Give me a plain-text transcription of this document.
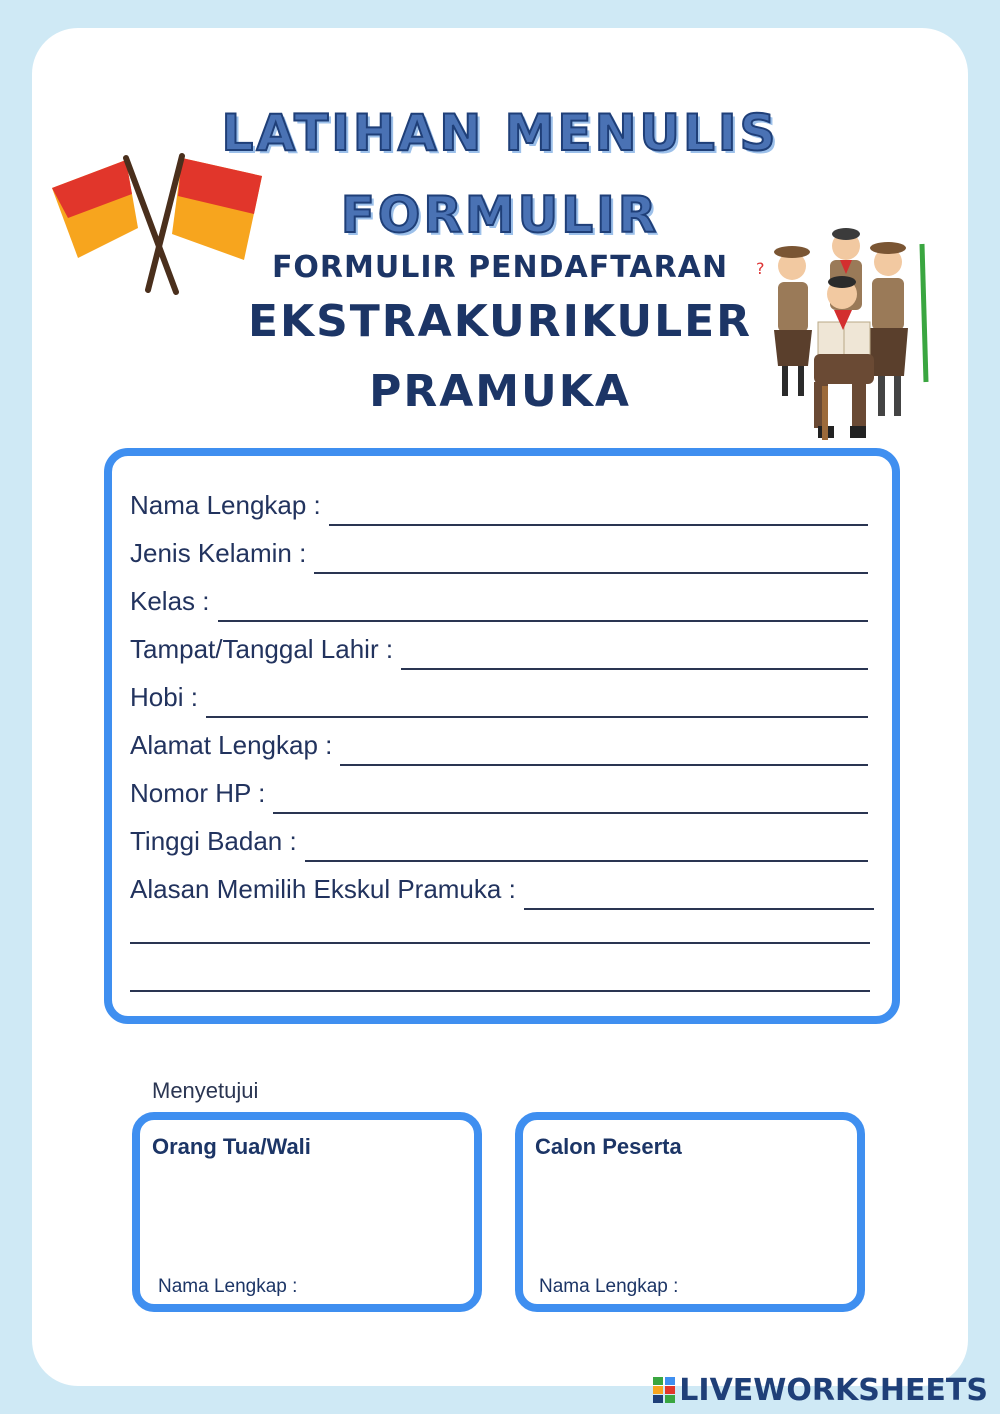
LATIHAN MENULIS
FORMULIR
FORMULIR PENDAFTARAN
EKSTRAKURIKULER
PRAMUKA
?
Nama Lengkap :
Jenis Kelamin :
Kelas :
Tampat/Tanggal Lahir :
Hobi :
Alamat Lengkap :
Nomor HP :
Tinggi Badan :
Alasan Memilih Ekskul Pramuka :
Menyetujui
Orang Tua/Wali
Nama Lengkap :
Calon Peserta
Nama Lengkap :
LIVEWORKSHEETS
